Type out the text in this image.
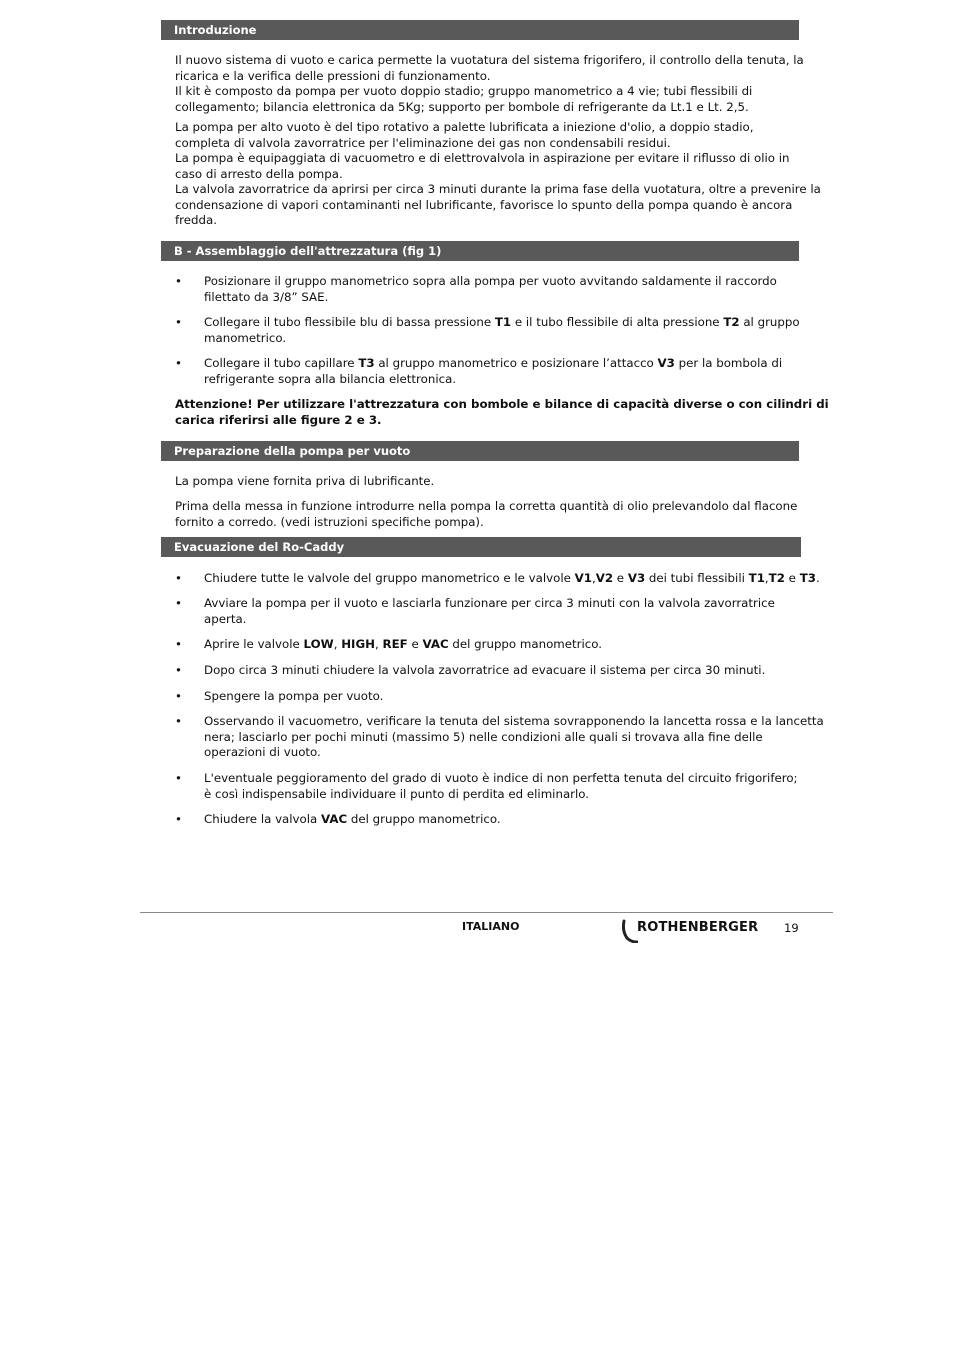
Introduzione
Il nuovo sistema di vuoto e carica permette la vuotatura del sistema frigorifero, il controllo della tenuta, la
ricarica e la verifica delle pressioni di funzionamento.
Il kit è composto da pompa per vuoto doppio stadio; gruppo manometrico a 4 vie; tubi flessibili di
collegamento; bilancia elettronica da 5Kg; supporto per bombole di refrigerante da Lt.1 e Lt. 2,5.
La pompa per alto vuoto è del tipo rotativo a palette lubrificata a iniezione d'olio, a doppio stadio,
completa di valvola zavorratrice per l'eliminazione dei gas non condensabili residui.
La pompa è equipaggiata di vacuometro e di elettrovalvola in aspirazione per evitare il riflusso di olio in
caso di arresto della pompa.
La valvola zavorratrice da aprirsi per circa 3 minuti durante la prima fase della vuotatura, oltre a prevenire la
condensazione di vapori contaminanti nel lubrificante, favorisce lo spunto della pompa quando è ancora
fredda.
B - Assemblaggio dell'attrezzatura (fig 1)
• Posizionare il gruppo manometrico sopra alla pompa per vuoto avvitando saldamente il raccordo
filettato da 3/8” SAE.
• Collegare il tubo flessibile blu di bassa pressione T1 e il tubo flessibile di alta pressione T2 al gruppo
manometrico.
• Collegare il tubo capillare T3 al gruppo manometrico e posizionare l’attacco V3 per la bombola di
refrigerante sopra alla bilancia elettronica.
Attenzione! Per utilizzare l'attrezzatura con bombole e bilance di capacità diverse o con cilindri di
carica riferirsi alle figure 2 e 3.
Preparazione della pompa per vuoto
La pompa viene fornita priva di lubrificante.
Prima della messa in funzione introdurre nella pompa la corretta quantità di olio prelevandolo dal flacone
fornito a corredo. (vedi istruzioni specifiche pompa).
Evacuazione del Ro-Caddy
• Chiudere tutte le valvole del gruppo manometrico e le valvole V1,V2 e V3 dei tubi flessibili T1,T2 e T3.
• Avviare la pompa per il vuoto e lasciarla funzionare per circa 3 minuti con la valvola zavorratrice
aperta.
• Aprire le valvole LOW, HIGH, REF e VAC del gruppo manometrico.
• Dopo circa 3 minuti chiudere la valvola zavorratrice ad evacuare il sistema per circa 30 minuti.
• Spengere la pompa per vuoto.
• Osservando il vacuometro, verificare la tenuta del sistema sovrapponendo la lancetta rossa e la lancetta
nera; lasciarlo per pochi minuti (massimo 5) nelle condizioni alle quali si trovava alla fine delle
operazioni di vuoto.
• L'eventuale peggioramento del grado di vuoto è indice di non perfetta tenuta del circuito frigorifero;
è così indispensabile individuare il punto di perdita ed eliminarlo.
• Chiudere la valvola VAC del gruppo manometrico.
ITALIANO	ROTHENBERGER 19
